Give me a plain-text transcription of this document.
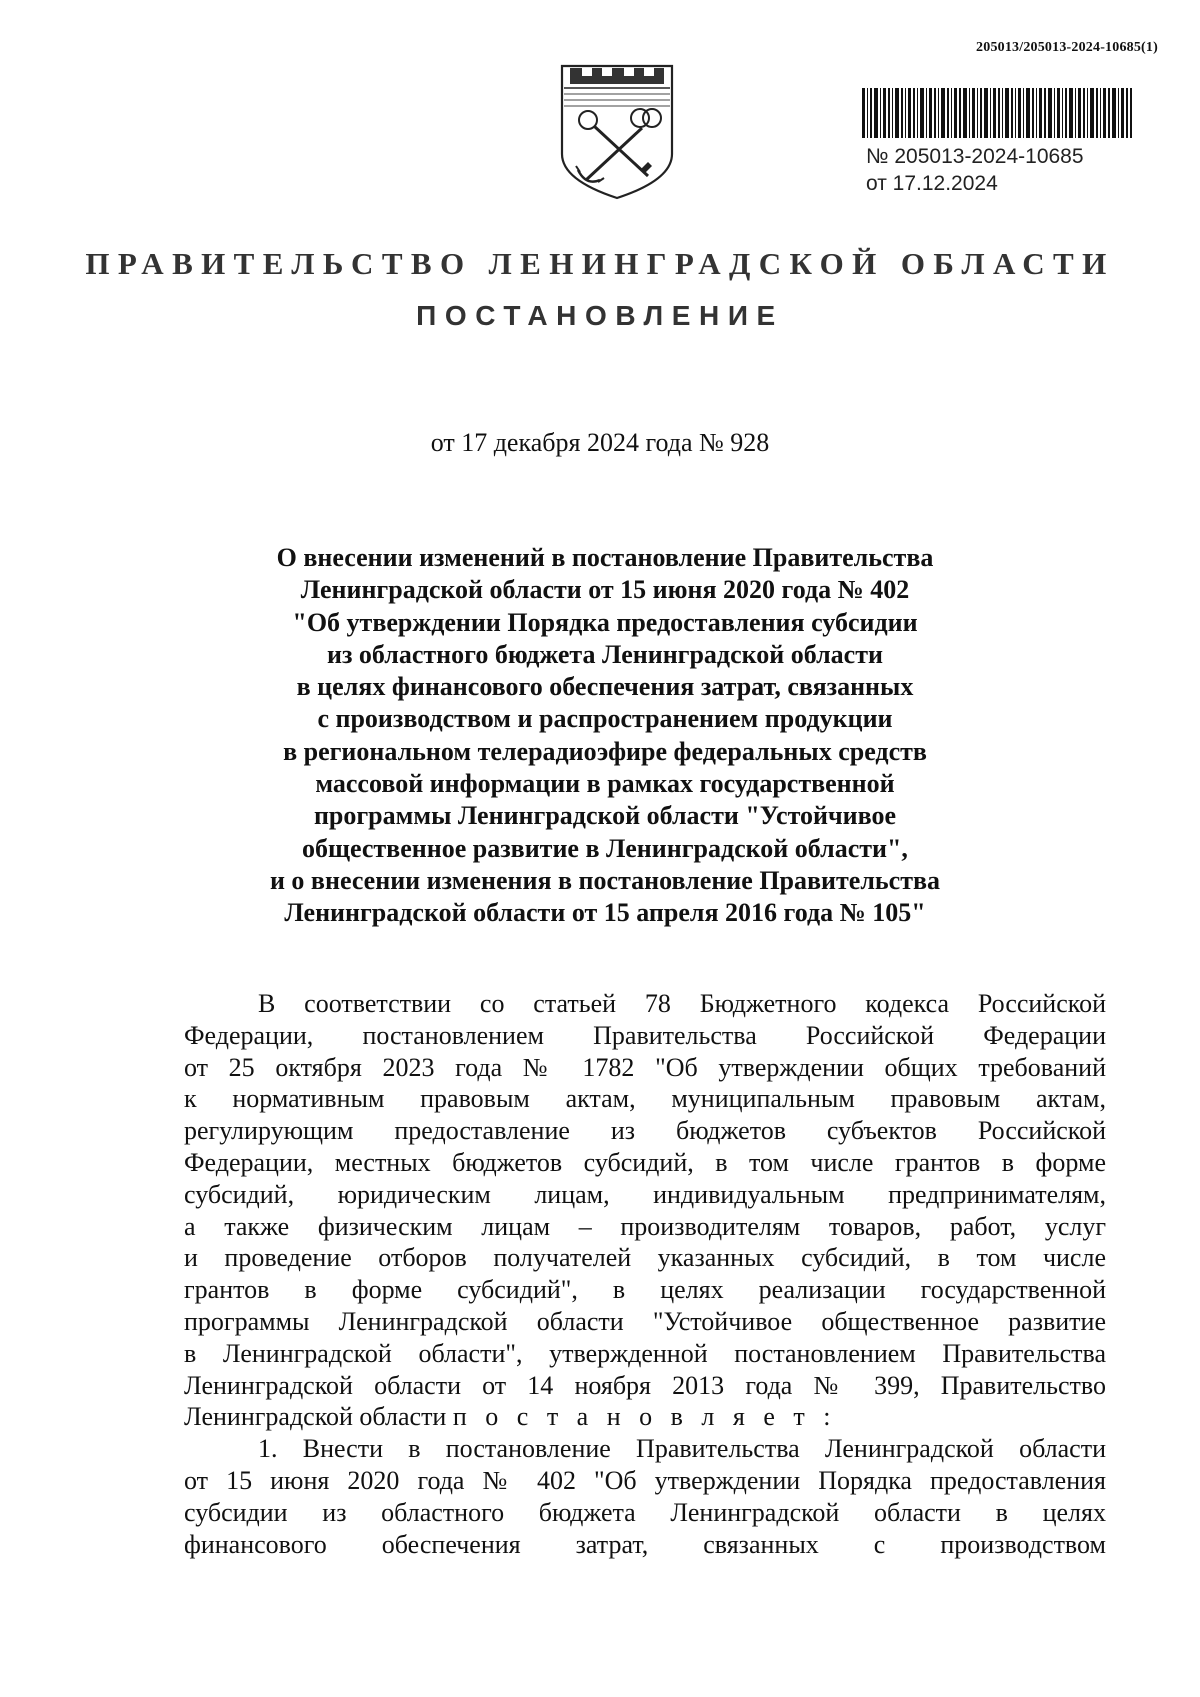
205013/205013-2024-10685(1)
№ 205013-2024-10685
от 17.12.2024
ПРАВИТЕЛЬСТВО ЛЕНИНГРАДСКОЙ ОБЛАСТИ
ПОСТАНОВЛЕНИЕ
от 17 декабря 2024 года № 928
О внесении изменений в постановление Правительства
Ленинградской области от 15 июня 2020 года № 402
"Об утверждении Порядка предоставления субсидии
из областного бюджета Ленинградской области
в целях финансового обеспечения затрат, связанных
с производством и распространением продукции
в региональном телерадиоэфире федеральных средств
массовой информации в рамках государственной
программы Ленинградской области "Устойчивое
общественное развитие в Ленинградской области",
и о внесении изменения в постановление Правительства
Ленинградской области от 15 апреля 2016 года № 105"
В соответствии со статьей 78 Бюджетного кодекса Российской
Федерации, постановлением Правительства Российской Федерации
от 25 октября 2023 года № 1782 "Об утверждении общих требований
к нормативным правовым актам, муниципальным правовым актам,
регулирующим предоставление из бюджетов субъектов Российской
Федерации, местных бюджетов субсидий, в том числе грантов в форме
субсидий, юридическим лицам, индивидуальным предпринимателям,
а также физическим лицам – производителям товаров, работ, услуг
и проведение отборов получателей указанных субсидий, в том числе
грантов в форме субсидий", в целях реализации государственной
программы Ленинградской области "Устойчивое общественное развитие
в Ленинградской области", утвержденной постановлением Правительства
Ленинградской области от 14 ноября 2013 года № 399, Правительство
Ленинградской области п о с т а н о в л я е т :
1. Внести в постановление Правительства Ленинградской области
от 15 июня 2020 года № 402 "Об утверждении Порядка предоставления
субсидии из областного бюджета Ленинградской области в целях
финансового обеспечения затрат, связанных с производством
